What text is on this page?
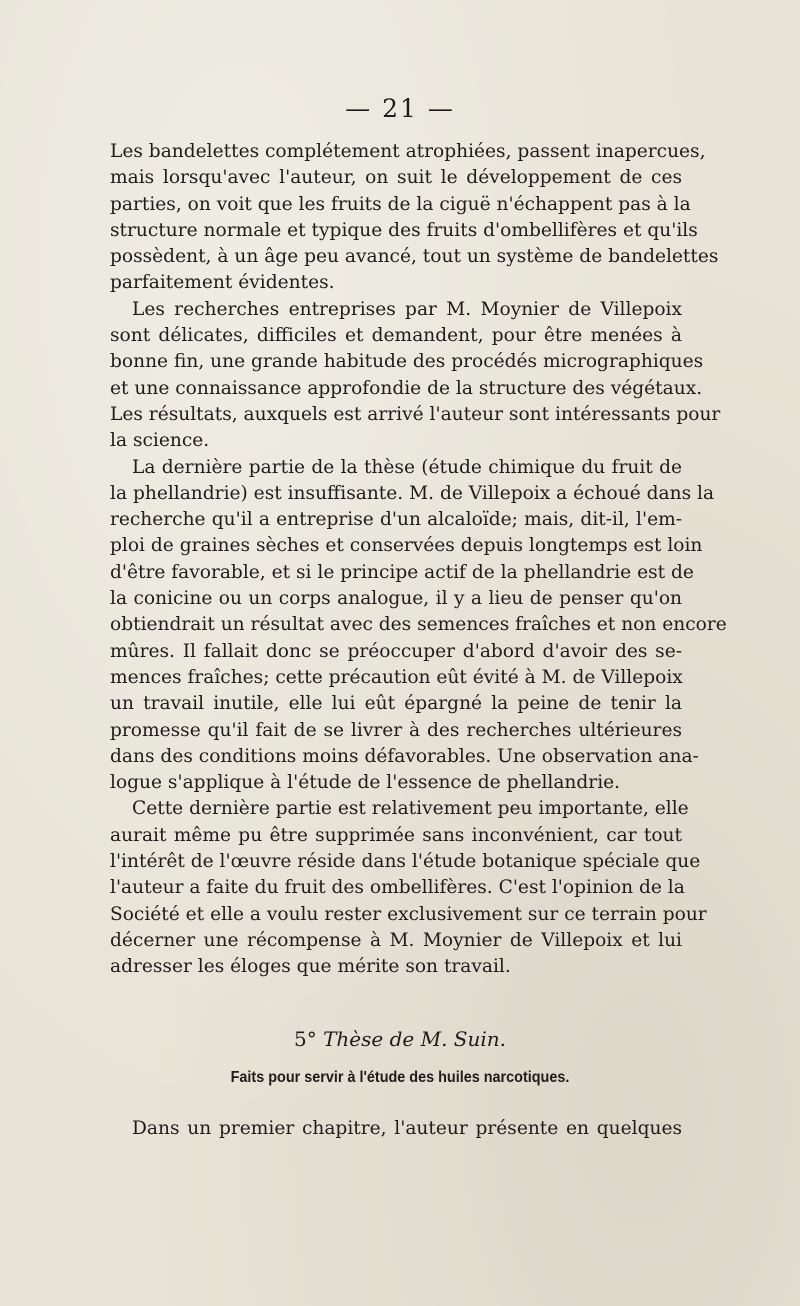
— 21 —
Les bandelettes complétement atrophiées, passent inapercues,
mais lorsqu'avec l'auteur, on suit le développement de ces
parties, on voit que les fruits de la ciguë n'échappent pas à la
structure normale et typique des fruits d'ombellifères et qu'ils
possèdent, à un âge peu avancé, tout un système de bandelettes
parfaitement évidentes.
Les recherches entreprises par M. Moynier de Villepoix
sont délicates, difficiles et demandent, pour être menées à
bonne fin, une grande habitude des procédés micrographiques
et une connaissance approfondie de la structure des végétaux.
Les résultats, auxquels est arrivé l'auteur sont intéressants pour
la science.
La dernière partie de la thèse (étude chimique du fruit de
la phellandrie) est insuffisante. M. de Villepoix a échoué dans la
recherche qu'il a entreprise d'un alcaloïde; mais, dit-il, l'em-
ploi de graines sèches et conservées depuis longtemps est loin
d'être favorable, et si le principe actif de la phellandrie est de
la conicine ou un corps analogue, il y a lieu de penser qu'on
obtiendrait un résultat avec des semences fraîches et non encore
mûres. Il fallait donc se préoccuper d'abord d'avoir des se-
mences fraîches; cette précaution eût évité à M. de Villepoix
un travail inutile, elle lui eût épargné la peine de tenir la
promesse qu'il fait de se livrer à des recherches ultérieures
dans des conditions moins défavorables. Une observation ana-
logue s'applique à l'étude de l'essence de phellandrie.
Cette dernière partie est relativement peu importante, elle
aurait même pu être supprimée sans inconvénient, car tout
l'intérêt de l'œuvre réside dans l'étude botanique spéciale que
l'auteur a faite du fruit des ombellifères. C'est l'opinion de la
Société et elle a voulu rester exclusivement sur ce terrain pour
décerner une récompense à M. Moynier de Villepoix et lui
adresser les éloges que mérite son travail.
5° Thèse de M. Suin.
Faits pour servir à l'étude des huiles narcotiques.
Dans un premier chapitre, l'auteur présente en quelques
